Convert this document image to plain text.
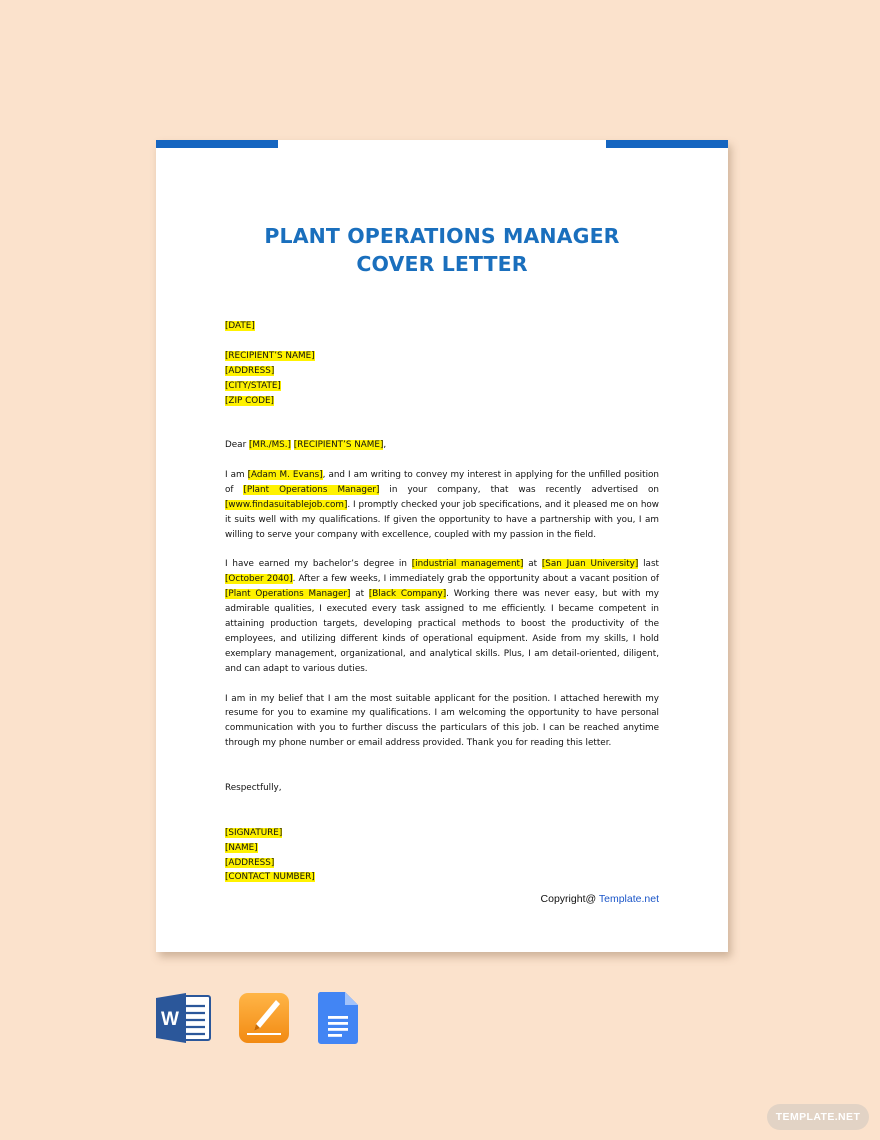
PLANT OPERATIONS MANAGER
COVER LETTER
[DATE]
[RECIPIENT’S NAME]
[ADDRESS]
[CITY/STATE]
[ZIP CODE]
Dear [MR./MS.] [RECIPIENT’S NAME],

I am [Adam M. Evans], and I am writing to convey my interest in applying for the unfilled position of [Plant Operations Manager] in your company, that was recently advertised on [www.findasuitablejob.com]. I promptly checked your job specifications, and it pleased me on how it suits well with my qualifications. If given the opportunity to have a partnership with you, I am willing to serve your company with excellence, coupled with my passion in the field.

I have earned my bachelor’s degree in [industrial management] at [San Juan University] last [October 2040]. After a few weeks, I immediately grab the opportunity about a vacant position of [Plant Operations Manager] at [Black Company]. Working there was never easy, but with my admirable qualities, I executed every task assigned to me efficiently. I became competent in attaining production targets, developing practical methods to boost the productivity of the employees, and utilizing different kinds of operational equipment. Aside from my skills, I hold exemplary management, organizational, and analytical skills. Plus, I am detail-oriented, diligent, and can adapt to various duties.

I am in my belief that I am the most suitable applicant for the position. I attached herewith my resume for you to examine my qualifications. I am welcoming the opportunity to have personal communication with you to further discuss the particulars of this job. I can be reached anytime through my phone number or email address provided. Thank you for reading this letter.

Respectfully,
[SIGNATURE]
[NAME]
[ADDRESS]
[CONTACT NUMBER]
Copyright@ Template.net
W
TEMPLATE.NET
